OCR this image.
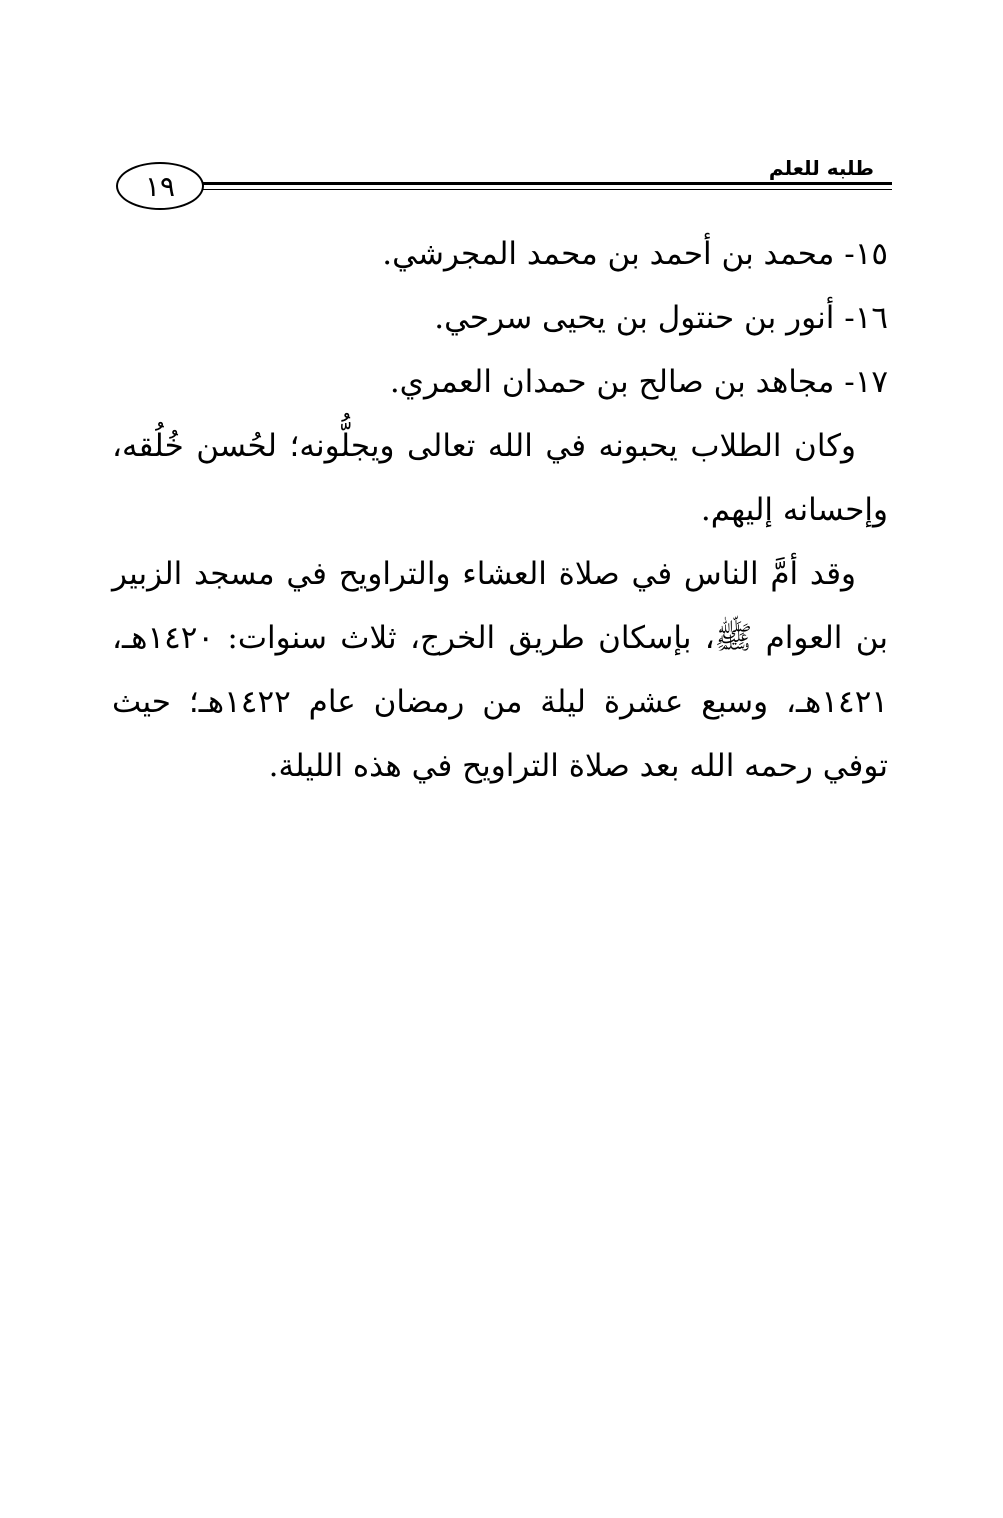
طلبه للعلم
١٩
١٥- محمد بن أحمد بن محمد المجرشي.
١٦- أنور بن حنتول بن يحيى سرحي.
١٧- مجاهد بن صالح بن حمدان العمري.

وكان الطلاب يحبونه في الله تعالى ويجلُّونه؛ لحُسن خُلُقه، وإحسانه إليهم.

وقد أمَّ الناس في صلاة العشاء والتراويح في مسجد الزبير بن العوام ﷺ، بإسكان طريق الخرج، ثلاث سنوات: ١٤٢٠هـ، ١٤٢١هـ، وسبع عشرة ليلة من رمضان عام ١٤٢٢هـ؛ حيث توفي رحمه الله بعد صلاة التراويح في هذه الليلة.
